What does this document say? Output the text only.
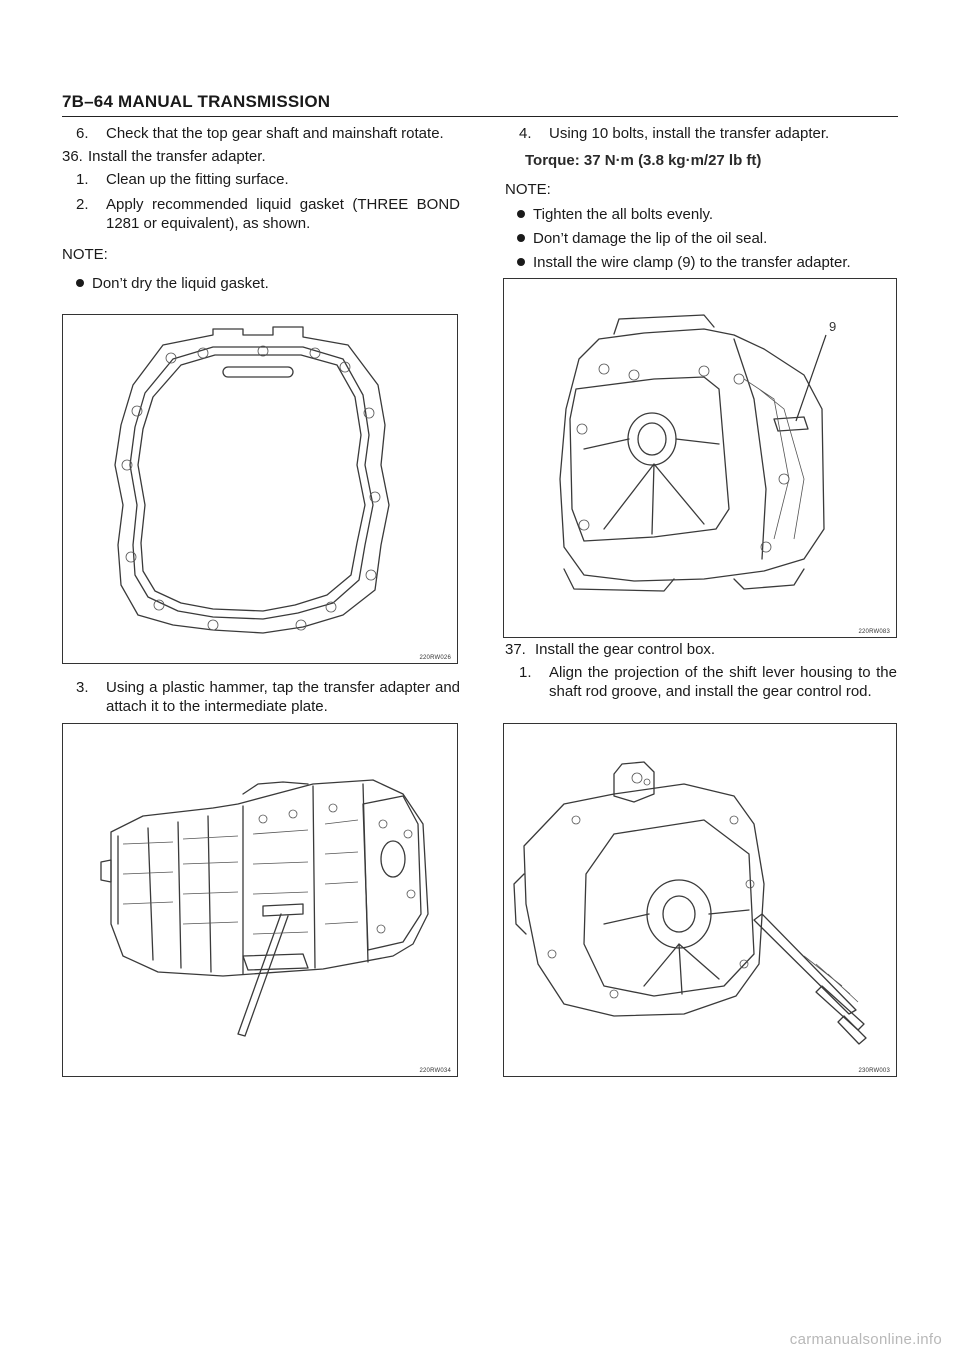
7B–64 MANUAL TRANSMISSION
6. Check that the top gear shaft and mainshaft rotate.
36. Install the transfer adapter.
1. Clean up the fitting surface.
2. Apply recommended liquid gasket (THREE BOND 1281 or equivalent), as shown.
NOTE:
Don’t dry the liquid gasket.
220RW026
3. Using a plastic hammer, tap the transfer adapter and attach it to the intermediate plate.
220RW034
4. Using 10 bolts, install the transfer adapter.
Torque: 37 N·m (3.8 kg·m/27 lb ft)
NOTE:
Tighten the all bolts evenly.
Don’t damage the lip of the oil seal.
Install the wire clamp (9) to the transfer adapter.
9
220RW083
37. Install the gear control box.
1. Align the projection of the shift lever housing to the shaft rod groove, and install the gear control rod.
230RW003
carmanualsonline.info
